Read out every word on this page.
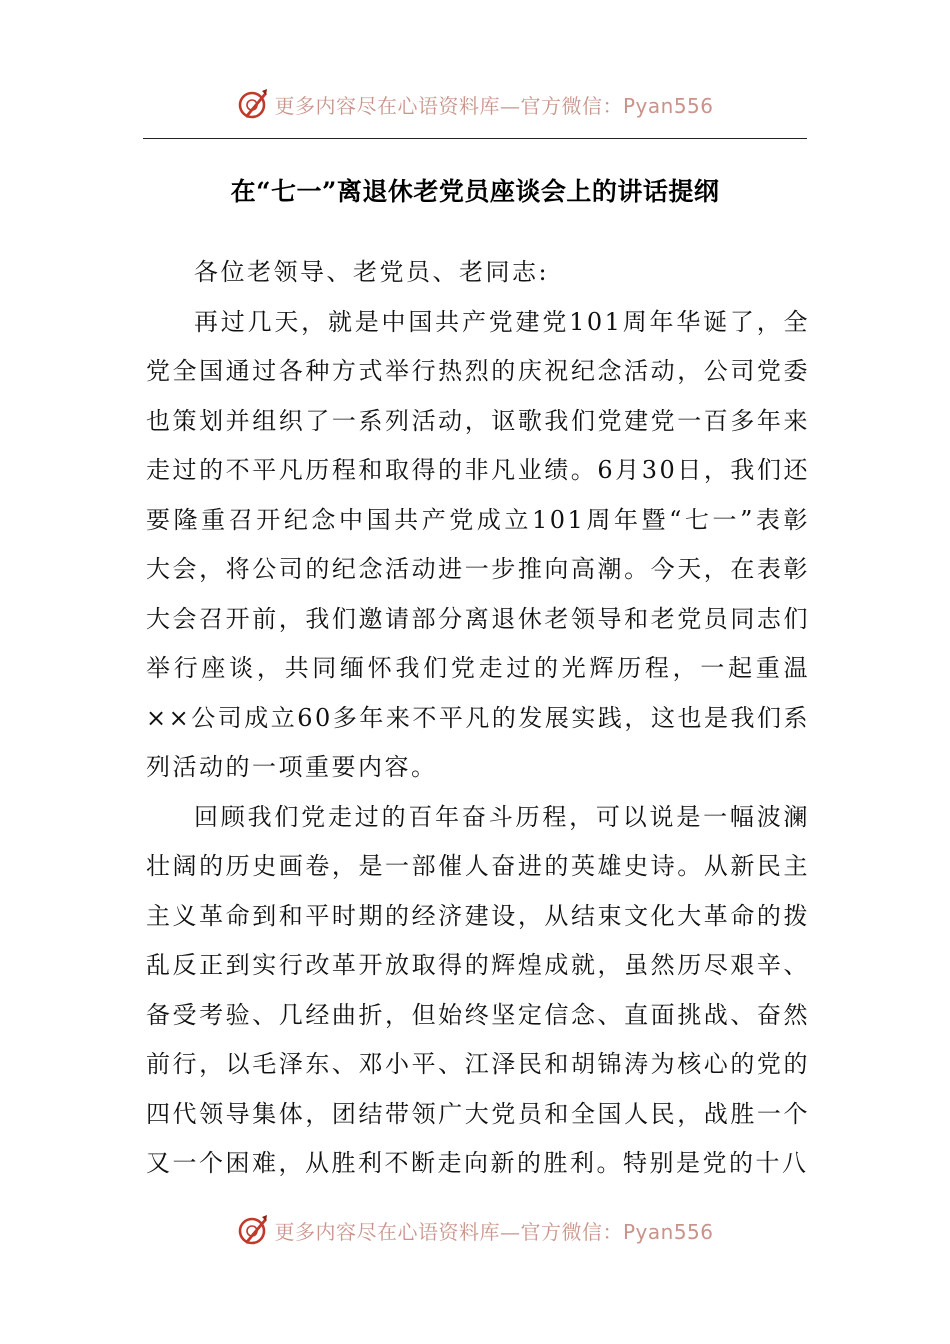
更多内容尽在心语资料库—官方微信：Pyan556
在“七一”离退休老党员座谈会上的讲话提纲

各位老领导、老党员、老同志:

再过几天，就是中国共产党建党101周年华诞了，全党全国通过各种方式举行热烈的庆祝纪念活动，公司党委也策划并组织了一系列活动，讴歌我们党建党一百多年来走过的不平凡历程和取得的非凡业绩。6月30日，我们还要隆重召开纪念中国共产党成立101周年暨“七一”表彰大会，将公司的纪念活动进一步推向高潮。今天，在表彰大会召开前，我们邀请部分离退休老领导和老党员同志们举行座谈，共同缅怀我们党走过的光辉历程，一起重温××公司成立60多年来不平凡的发展实践，这也是我们系列活动的一项重要内容。

回顾我们党走过的百年奋斗历程，可以说是一幅波澜壮阔的历史画卷，是一部催人奋进的英雄史诗。从新民主主义革命到和平时期的经济建设，从结束文化大革命的拨乱反正到实行改革开放取得的辉煌成就，虽然历尽艰辛、备受考验、几经曲折，但始终坚定信念、直面挑战、奋然前行，以毛泽东、邓小平、江泽民和胡锦涛为核心的党的四代领导集体，团结带领广大党员和全国人民，战胜一个又一个困难，从胜利不断走向新的胜利。特别是党的十八

更多内容尽在心语资料库—官方微信：Pyan556
